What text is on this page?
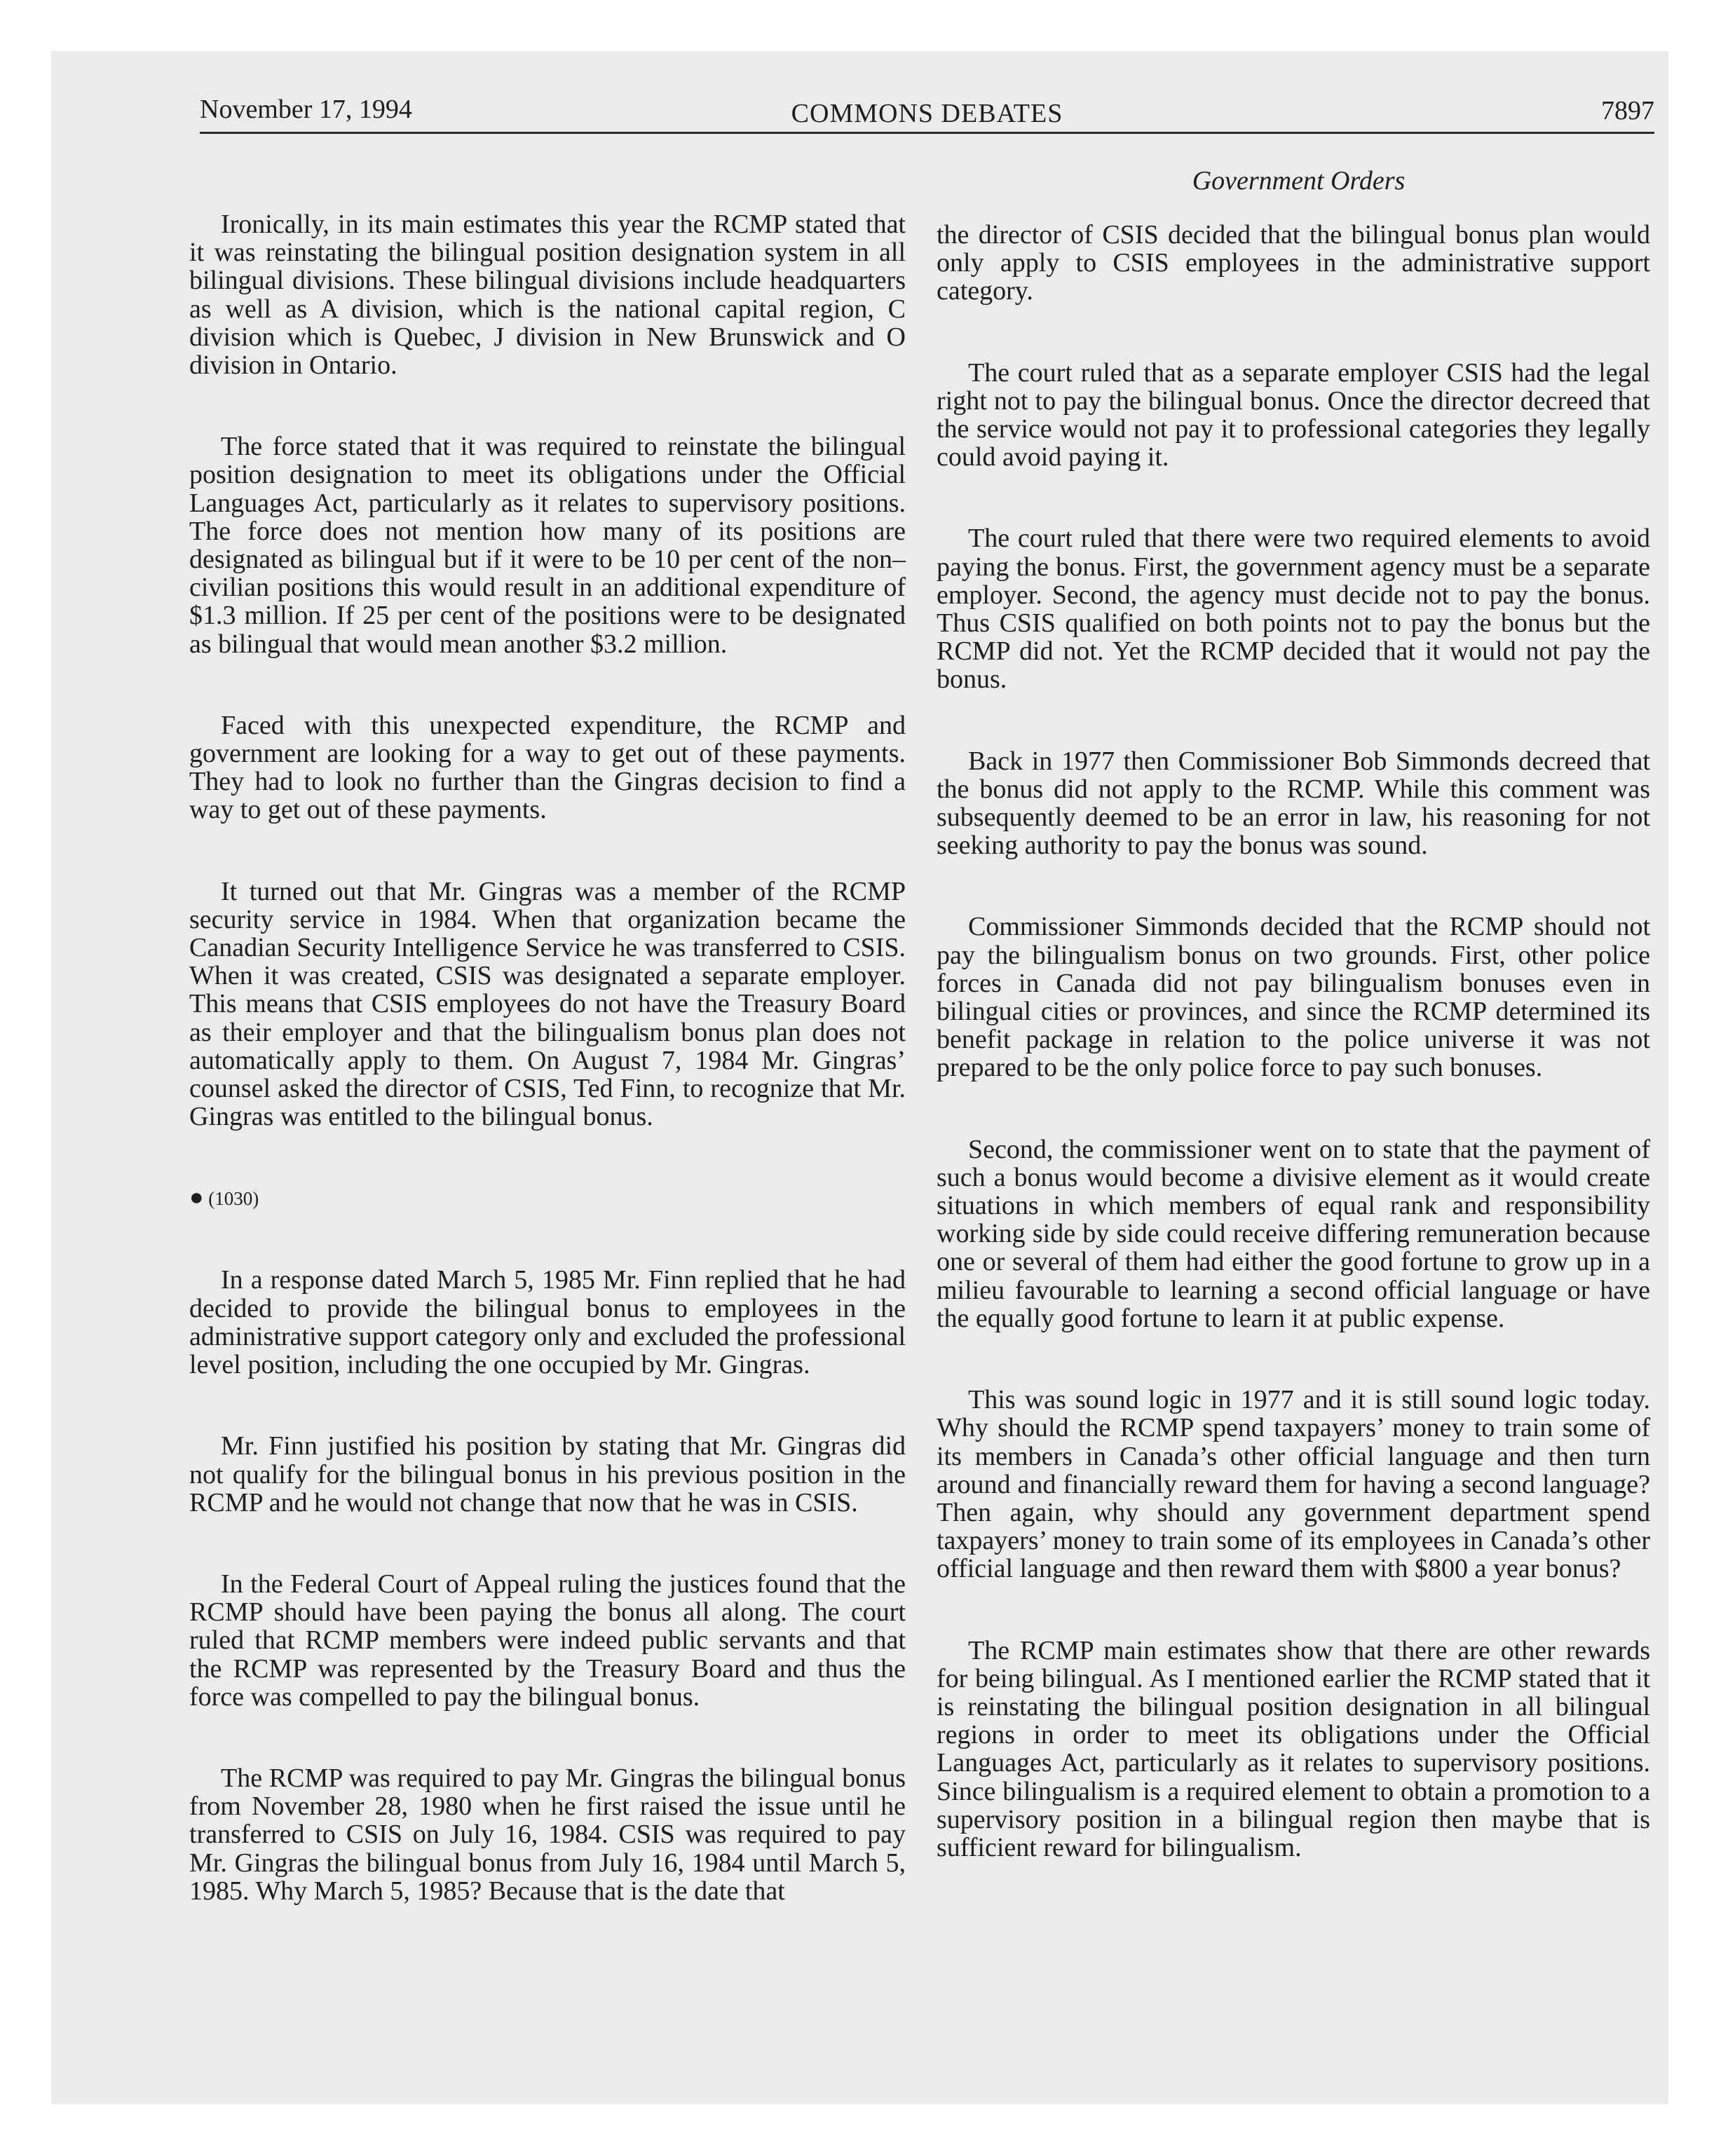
November 17, 1994	COMMONS DEBATES	7897
Government Orders

Ironically, in its main estimates this year the RCMP stated that it was reinstating the bilingual position designation system in all bilingual divisions. These bilingual divisions include headquarters as well as A division, which is the national capital region, C division which is Quebec, J division in New Brunswick and O division in Ontario.

The force stated that it was required to reinstate the bilingual position designation to meet its obligations under the Official Languages Act, particularly as it relates to supervisory positions. The force does not mention how many of its positions are designated as bilingual but if it were to be 10 per cent of the non–civilian positions this would result in an additional expenditure of $1.3 million. If 25 per cent of the positions were to be designated as bilingual that would mean another $3.2 million.

Faced with this unexpected expenditure, the RCMP and government are looking for a way to get out of these payments. They had to look no further than the Gingras decision to find a way to get out of these payments.

It turned out that Mr. Gingras was a member of the RCMP security service in 1984. When that organization became the Canadian Security Intelligence Service he was transferred to CSIS. When it was created, CSIS was designated a separate employer. This means that CSIS employees do not have the Treasury Board as their employer and that the bilingualism bonus plan does not automatically apply to them. On August 7, 1984 Mr. Gingras’ counsel asked the director of CSIS, Ted Finn, to recognize that Mr. Gingras was entitled to the bilingual bonus.

● (1030)

In a response dated March 5, 1985 Mr. Finn replied that he had decided to provide the bilingual bonus to employees in the administrative support category only and excluded the professional level position, including the one occupied by Mr. Gingras.

Mr. Finn justified his position by stating that Mr. Gingras did not qualify for the bilingual bonus in his previous position in the RCMP and he would not change that now that he was in CSIS.

In the Federal Court of Appeal ruling the justices found that the RCMP should have been paying the bonus all along. The court ruled that RCMP members were indeed public servants and that the RCMP was represented by the Treasury Board and thus the force was compelled to pay the bilingual bonus.

The RCMP was required to pay Mr. Gingras the bilingual bonus from November 28, 1980 when he first raised the issue until he transferred to CSIS on July 16, 1984. CSIS was required to pay Mr. Gingras the bilingual bonus from July 16, 1984 until March 5, 1985. Why March 5, 1985? Because that is the date that

the director of CSIS decided that the bilingual bonus plan would only apply to CSIS employees in the administrative support category.

The court ruled that as a separate employer CSIS had the legal right not to pay the bilingual bonus. Once the director decreed that the service would not pay it to professional categories they legally could avoid paying it.

The court ruled that there were two required elements to avoid paying the bonus. First, the government agency must be a separate employer. Second, the agency must decide not to pay the bonus. Thus CSIS qualified on both points not to pay the bonus but the RCMP did not. Yet the RCMP decided that it would not pay the bonus.

Back in 1977 then Commissioner Bob Simmonds decreed that the bonus did not apply to the RCMP. While this comment was subsequently deemed to be an error in law, his reasoning for not seeking authority to pay the bonus was sound.

Commissioner Simmonds decided that the RCMP should not pay the bilingualism bonus on two grounds. First, other police forces in Canada did not pay bilingualism bonuses even in bilingual cities or provinces, and since the RCMP determined its benefit package in relation to the police universe it was not prepared to be the only police force to pay such bonuses.

Second, the commissioner went on to state that the payment of such a bonus would become a divisive element as it would create situations in which members of equal rank and responsibility working side by side could receive differing remuneration because one or several of them had either the good fortune to grow up in a milieu favourable to learning a second official language or have the equally good fortune to learn it at public expense.

This was sound logic in 1977 and it is still sound logic today. Why should the RCMP spend taxpayers’ money to train some of its members in Canada’s other official language and then turn around and financially reward them for having a second language? Then again, why should any government department spend taxpayers’ money to train some of its employees in Canada’s other official language and then reward them with $800 a year bonus?

The RCMP main estimates show that there are other rewards for being bilingual. As I mentioned earlier the RCMP stated that it is reinstating the bilingual position designation in all bilingual regions in order to meet its obligations under the Official Languages Act, particularly as it relates to supervisory positions. Since bilingualism is a required element to obtain a promotion to a supervisory position in a bilingual region then maybe that is sufficient reward for bilingualism.
